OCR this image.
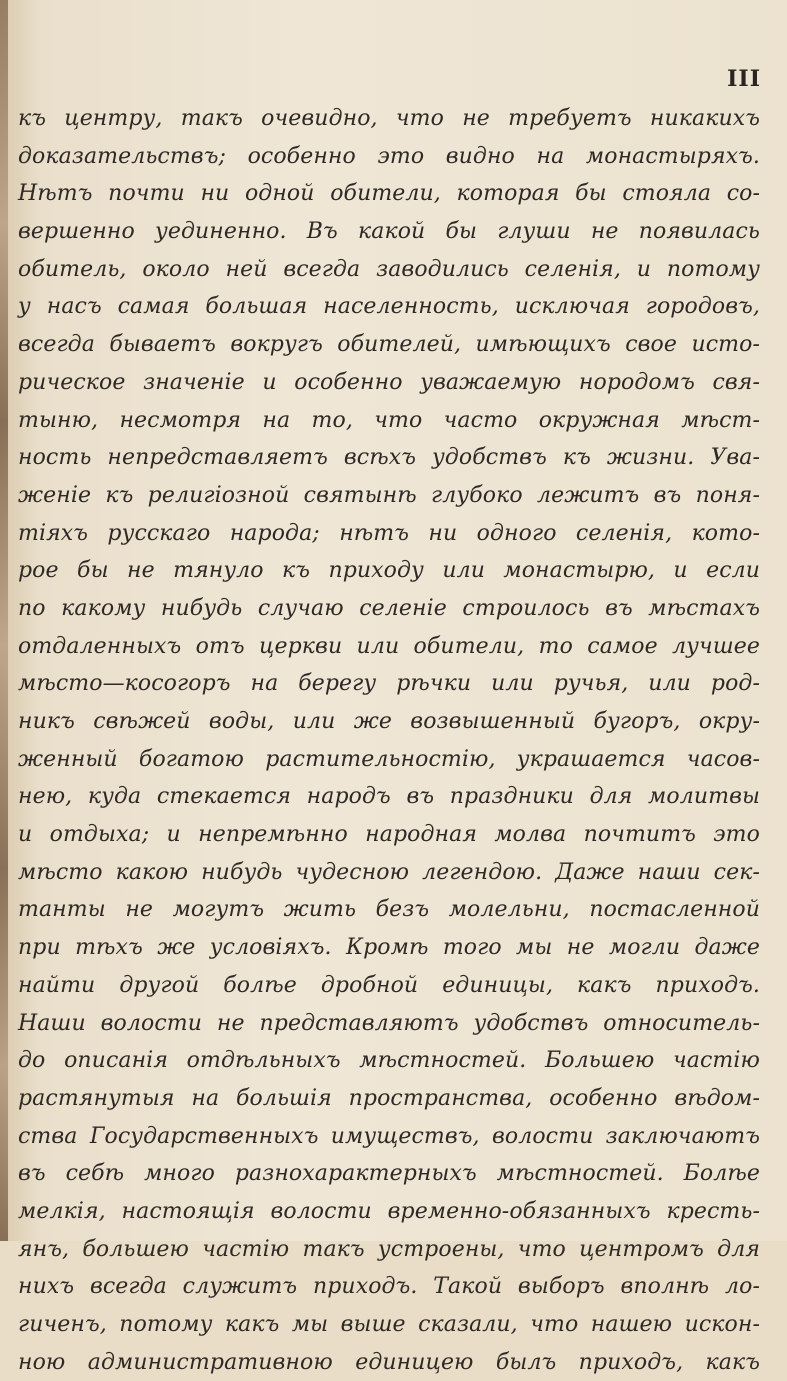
III
къ центру, такъ очевидно, что не требуетъ никакихъ
доказательствъ; особенно это видно на монастыряхъ.
Нѣтъ почти ни одной обители, которая бы стояла со-
вершенно уединенно. Въ какой бы глуши не появилась
обитель, около ней всегда заводились селенія, и потому
у насъ самая большая населенность, исключая городовъ,
всегда бываетъ вокругъ обителей, имѣющихъ свое исто-
рическое значеніе и особенно уважаемую нородомъ свя-
тыню, несмотря на то, что часто окружная мѣст-
ность непредставляетъ всѣхъ удобствъ къ жизни. Ува-
женіе къ религіозной святынѣ глубоко лежитъ въ поня-
тіяхъ русскаго народа; нѣтъ ни одного селенія, кото-
рое бы не тянуло къ приходу или монастырю, и если
по какому нибудь случаю селеніе строилось въ мѣстахъ
отдаленныхъ отъ церкви или обители, то самое лучшее
мѣсто—косогоръ на берегу рѣчки или ручья, или род-
никъ свѣжей воды, или же возвышенный бугоръ, окру-
женный богатою растительностію, украшается часов-
нею, куда стекается народъ въ праздники для молитвы
и отдыха; и непремѣнно народная молва почтитъ это
мѣсто какою нибудь чудесною легендою. Даже наши сек-
танты не могутъ жить безъ молельни, постасленной
при тѣхъ же условіяхъ. Кромѣ того мы не могли даже
найти другой болѣе дробной единицы, какъ приходъ.
Наши волости не представляютъ удобствъ относитель-
до описанія отдѣльныхъ мѣстностей. Большею частію
растянутыя на большія пространства, особенно вѣдом-
ства Государственныхъ имуществъ, волости заключаютъ
въ себѣ много разнохарактерныхъ мѣстностей. Болѣе
мелкія, настоящія волости временно-обязанныхъ кресть-
янъ, большею частію такъ устроены, что центромъ для
нихъ всегда служитъ приходъ. Такой выборъ вполнѣ ло-
гиченъ, потому какъ мы выше сказали, что нашею искон-
ною административною единицею былъ приходъ, какъ
